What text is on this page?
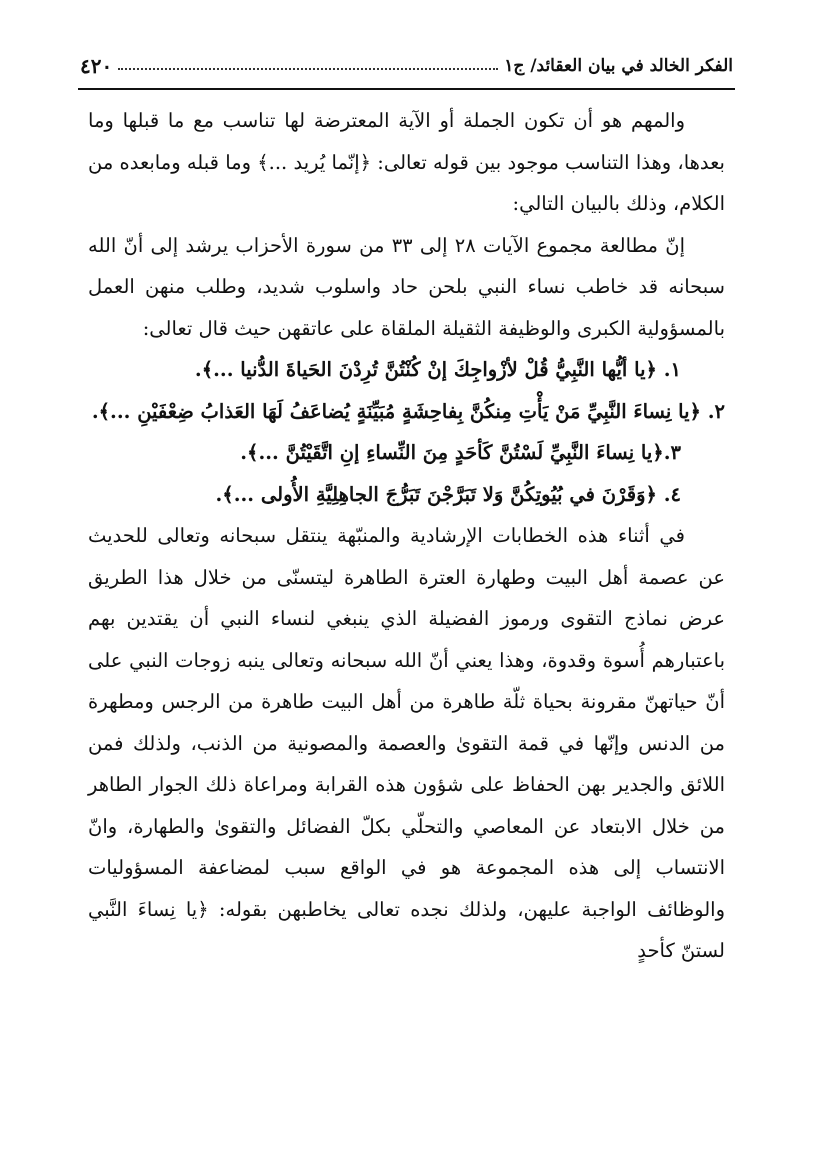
الفكر الخالد في بيان العقائد/ ج١
٤٢٠

والمهم هو أن تكون الجملة أو الآية المعترضة لها تناسب مع ما قبلها وما بعدها، وهذا التناسب موجود بين قوله تعالى: ﴿إنّما يُريد ...﴾ وما قبله ومابعده من الكلام، وذلك بالبيان التالي:

إنّ مطالعة مجموع الآيات ٢٨ إلى ٣٣ من سورة الأحزاب يرشد إلى أنّ الله سبحانه قد خاطب نساء النبي بلحن حاد واسلوب شديد، وطلب منهن العمل بالمسؤولية الكبرى والوظيفة الثقيلة الملقاة على عاتقهن حيث قال تعالى:

١. ﴿يا أيُّها النَّبِيُّ قُلْ لأزْواجِكَ إنْ كُنْتُنَّ تُرِدْنَ الحَياةَ الدُّنيا ...﴾.

٢. ﴿يا نِساءَ النَّبِيِّ مَنْ يَأْتِ مِنكُنَّ بِفاحِشَةٍ مُبَيِّنَةٍ يُضاعَفُ لَهَا العَذابُ ضِعْفَيْنِ ...﴾.

٣.﴿يا نِساءَ النَّبِيِّ لَسْتُنَّ كَأحَدٍ مِنَ النِّساءِ إنِ اتَّقَيْتُنَّ ...﴾.

٤. ﴿وَقَرْنَ في بُيُوتِكُنَّ وَلا تَبَرَّجْنَ تَبَرُّجَ الجاهِلِيَّةِ الأُولى ...﴾.

في أثناء هذه الخطابات الإرشادية والمنبّهة ينتقل سبحانه وتعالى للحديث عن عصمة أهل البيت وطهارة العترة الطاهرة ليتسنّى من خلال هذا الطريق عرض نماذج التقوى ورموز الفضيلة الذي ينبغي لنساء النبي أن يقتدين بهم باعتبارهم أُسوة وقدوة، وهذا يعني أنّ الله سبحانه وتعالى ينبه زوجات النبي على أنّ حياتهنّ مقرونة بحياة ثلّة طاهرة من أهل البيت طاهرة من الرجس ومطهرة من الدنس وإنّها في قمة التقوىٰ والعصمة والمصونية من الذنب، ولذلك فمن اللائق والجدير بهن الحفاظ على شؤون هذه القرابة ومراعاة ذلك الجوار الطاهر من خلال الابتعاد عن المعاصي والتحلّي بكلّ الفضائل والتقوىٰ والطهارة، وانّ الانتساب إلى هذه المجموعة هو في الواقع سبب لمضاعفة المسؤوليات والوظائف الواجبة عليهن، ولذلك نجده تعالى يخاطبهن بقوله: ﴿يا نِساءَ النَّبي لستنّ كأحدٍ
